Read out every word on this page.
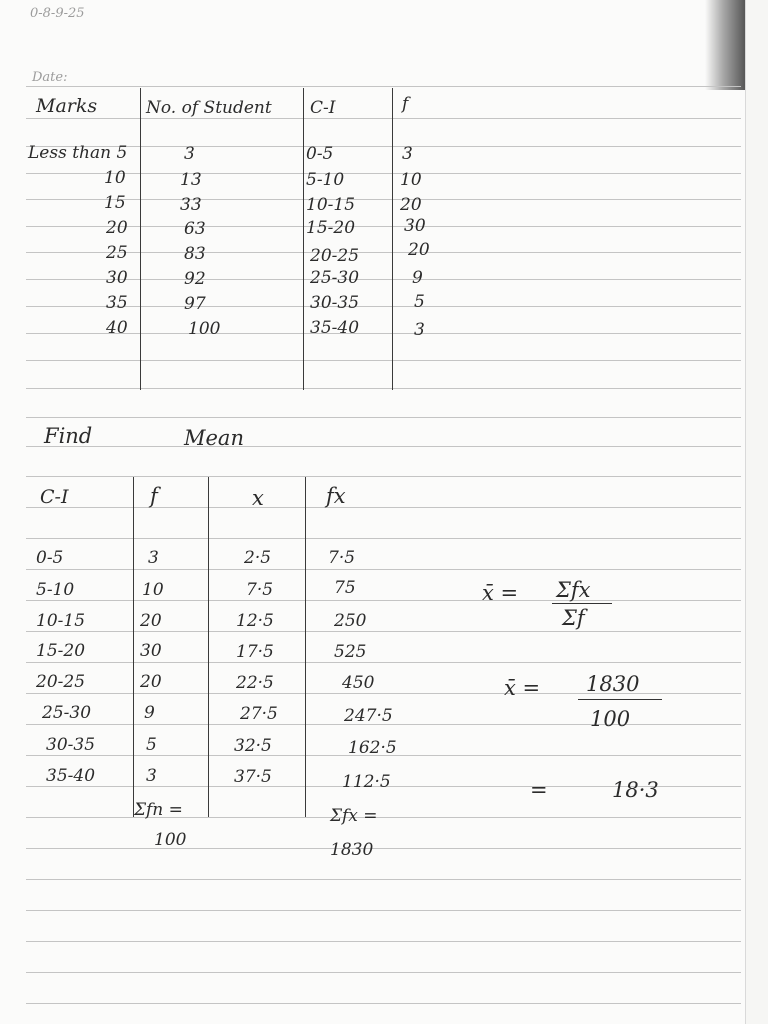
0-8-9-25
Date:
Marks	No. of Student C-I	f
Less than 5	3	0-5	3
10	13	5-10	10
15	33	10-15	20
20	63	15-20	30
25	83	20-25	20
30	92	25-30	9
35	97	30-35	5
40	100	35-40	3
Find	Mean
C-I	f	x	fx
0-5	3	2·5	7·5
5-10	10	7·5	75
10-15	20	12·5	250
15-20	30	17·5	525
20-25	20	22·5	450
25-30	9	27·5	247·5
30-35	5	32·5	162·5
35-40	3	37·5	112·5
Σfn =
100
Σfx =
1830
x̄ = Σfx
Σf
x̄ = 1830
100
=	18·3
